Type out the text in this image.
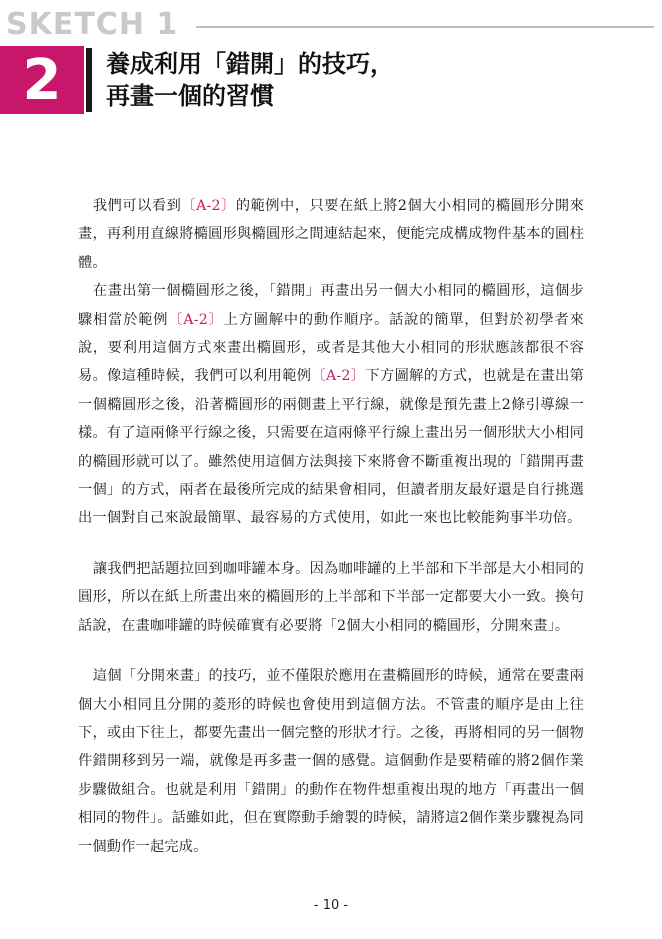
SKETCH 1
2	養成利用「錯開」的技巧，
再畫一個的習慣

我們可以看到〔A-2〕的範例中，只要在紙上將2個大小相同的橢圓形分開來畫，再利用直線將橢圓形與橢圓形之間連結起來，便能完成構成物件基本的圓柱體。

在畫出第一個橢圓形之後，「錯開」再畫出另一個大小相同的橢圓形，這個步驟相當於範例〔A-2〕上方圖解中的動作順序。話說的簡單，但對於初學者來說，要利用這個方式來畫出橢圓形，或者是其他大小相同的形狀應該都很不容易。像這種時候，我們可以利用範例〔A-2〕下方圖解的方式，也就是在畫出第一個橢圓形之後，沿著橢圓形的兩側畫上平行線，就像是預先畫上2條引導線一樣。有了這兩條平行線之後，只需要在這兩條平行線上畫出另一個形狀大小相同的橢圓形就可以了。雖然使用這個方法與接下來將會不斷重複出現的「錯開再畫一個」的方式，兩者在最後所完成的結果會相同，但讀者朋友最好還是自行挑選出一個對自己來說最簡單、最容易的方式使用，如此一來也比較能夠事半功倍。

讓我們把話題拉回到咖啡罐本身。因為咖啡罐的上半部和下半部是大小相同的圓形，所以在紙上所畫出來的橢圓形的上半部和下半部一定都要大小一致。換句話說，在畫咖啡罐的時候確實有必要將「2個大小相同的橢圓形，分開來畫」。

這個「分開來畫」的技巧，並不僅限於應用在畫橢圓形的時候，通常在要畫兩個大小相同且分開的菱形的時候也會使用到這個方法。不管畫的順序是由上往下，或由下往上，都要先畫出一個完整的形狀才行。之後，再將相同的另一個物件錯開移到另一端，就像是再多畫一個的感覺。這個動作是要精確的將2個作業步驟做組合。也就是利用「錯開」的動作在物件想重複出現的地方「再畫出一個相同的物件」。話雖如此，但在實際動手繪製的時候，請將這2個作業步驟視為同一個動作一起完成。

- 10 -
